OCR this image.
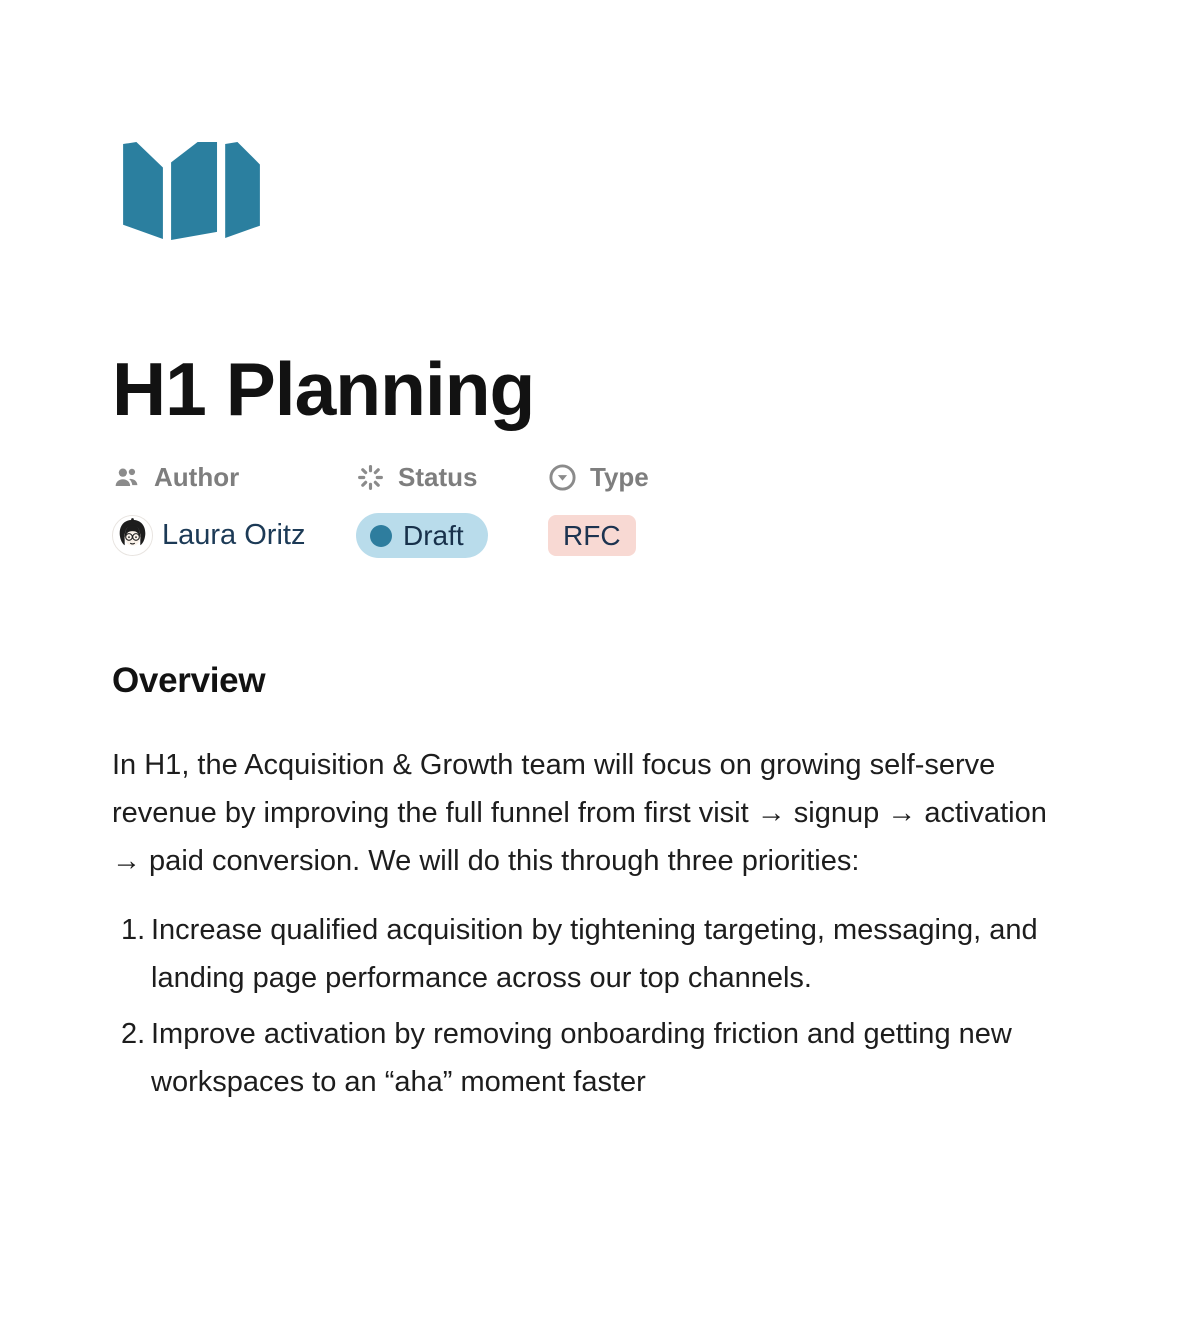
H1 Planning
Author	Status	Type
Laura Oritz	Draft	RFC
Overview

In H1, the Acquisition & Growth team will focus on growing self-serve revenue by improving the full funnel from first visit → signup → activation → paid conversion. We will do this through three priorities:

1. Increase qualified acquisition by tightening targeting, messaging, and landing page performance across our top channels.
2. Improve activation by removing onboarding friction and getting new workspaces to an “aha” moment faster
